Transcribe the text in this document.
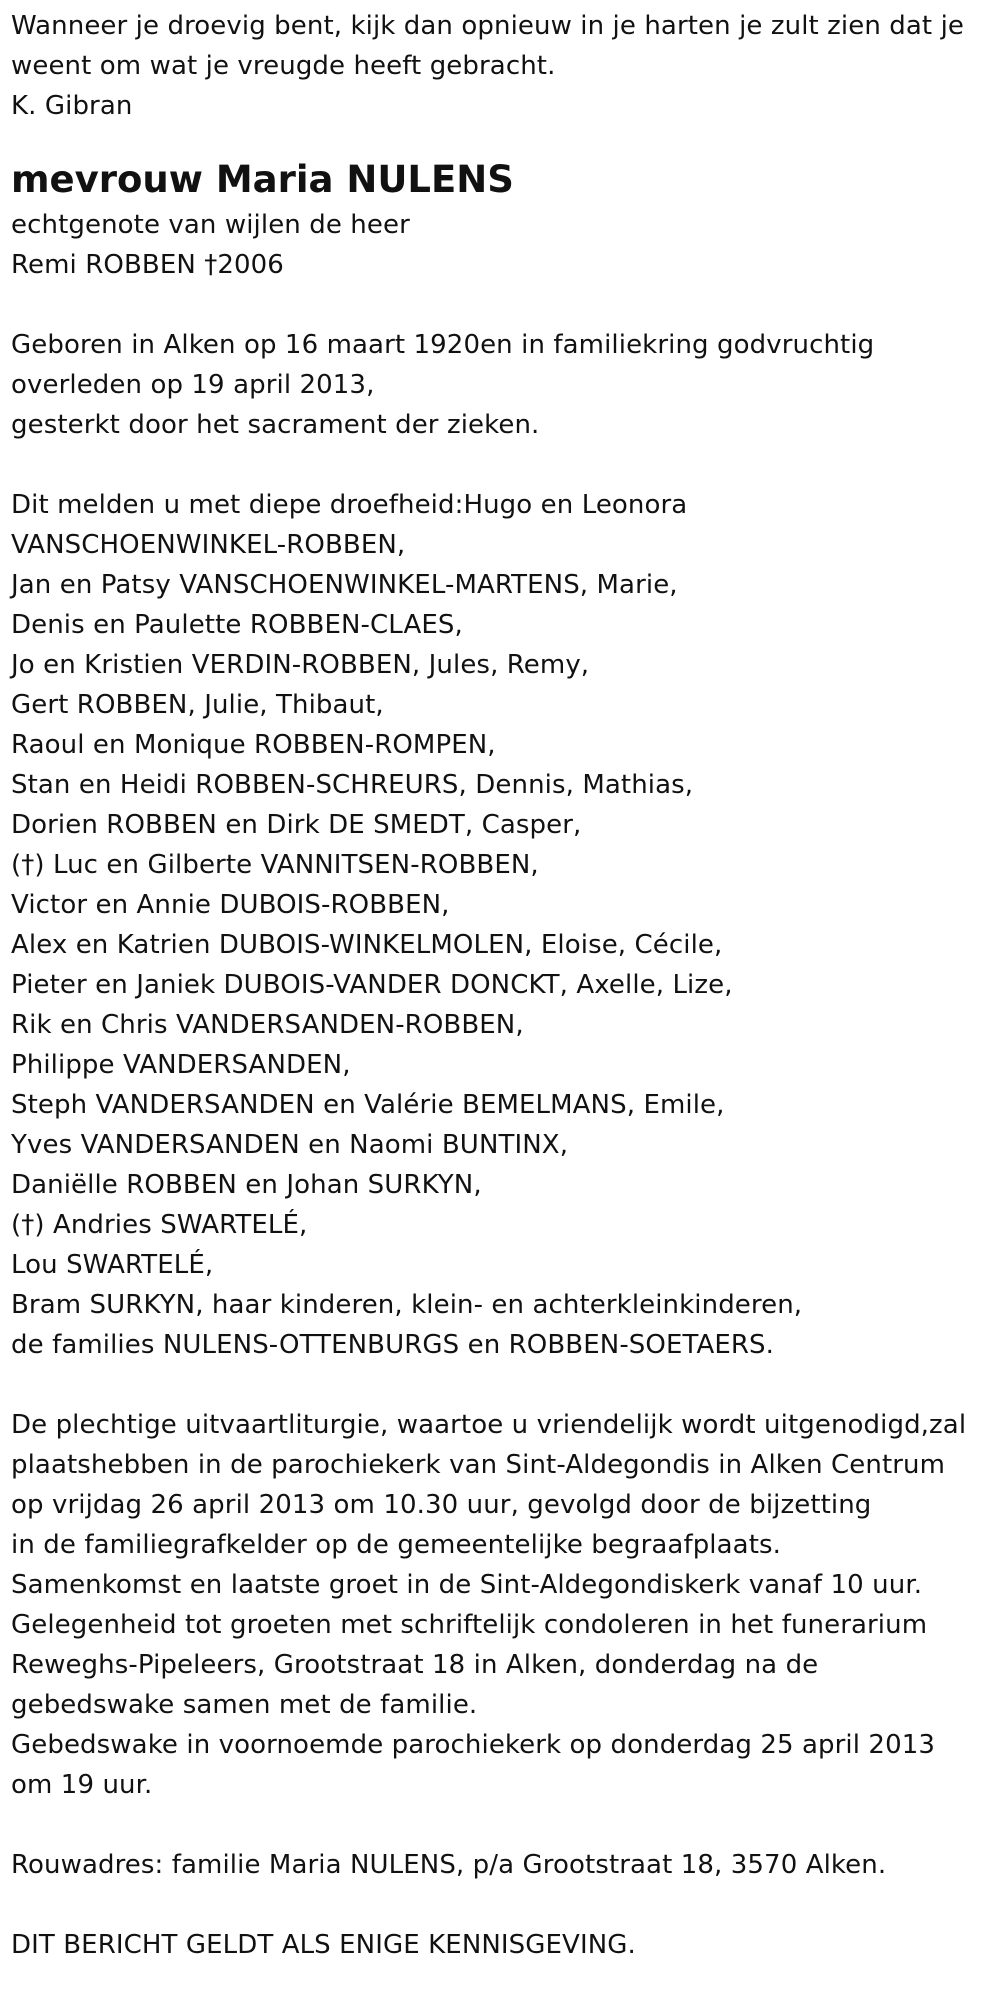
Wanneer je droevig bent, kijk dan opnieuw in je harten je zult zien dat je
weent om wat je vreugde heeft gebracht.
K. Gibran
mevrouw Maria NULENS
echtgenote van wijlen de heer
Remi ROBBEN †2006
Geboren in Alken op 16 maart 1920en in familiekring godvruchtig
overleden op 19 april 2013,
gesterkt door het sacrament der zieken.
Dit melden u met diepe droefheid:Hugo en Leonora
VANSCHOENWINKEL-ROBBEN,
Jan en Patsy VANSCHOENWINKEL-MARTENS, Marie,
Denis en Paulette ROBBEN-CLAES,
Jo en Kristien VERDIN-ROBBEN, Jules, Remy,
Gert ROBBEN, Julie, Thibaut,
Raoul en Monique ROBBEN-ROMPEN,
Stan en Heidi ROBBEN-SCHREURS, Dennis, Mathias,
Dorien ROBBEN en Dirk DE SMEDT, Casper,
(†) Luc en Gilberte VANNITSEN-ROBBEN,
Victor en Annie DUBOIS-ROBBEN,
Alex en Katrien DUBOIS-WINKELMOLEN, Eloise, Cécile,
Pieter en Janiek DUBOIS-VANDER DONCKT, Axelle, Lize,
Rik en Chris VANDERSANDEN-ROBBEN,
Philippe VANDERSANDEN,
Steph VANDERSANDEN en Valérie BEMELMANS, Emile,
Yves VANDERSANDEN en Naomi BUNTINX,
Daniëlle ROBBEN en Johan SURKYN,
(†) Andries SWARTELÉ,
Lou SWARTELÉ,
Bram SURKYN, haar kinderen, klein- en achterkleinkinderen,
de families NULENS-OTTENBURGS en ROBBEN-SOETAERS.
De plechtige uitvaartliturgie, waartoe u vriendelijk wordt uitgenodigd,zal
plaatshebben in de parochiekerk van Sint-Aldegondis in Alken Centrum
op vrijdag 26 april 2013 om 10.30 uur, gevolgd door de bijzetting
in de familiegrafkelder op de gemeentelijke begraafplaats.
Samenkomst en laatste groet in de Sint-Aldegondiskerk vanaf 10 uur.
Gelegenheid tot groeten met schriftelijk condoleren in het funerarium
Reweghs-Pipeleers, Grootstraat 18 in Alken, donderdag na de
gebedswake samen met de familie.
Gebedswake in voornoemde parochiekerk op donderdag 25 april 2013
om 19 uur.
Rouwadres: familie Maria NULENS, p/a Grootstraat 18, 3570 Alken.
DIT BERICHT GELDT ALS ENIGE KENNISGEVING.
